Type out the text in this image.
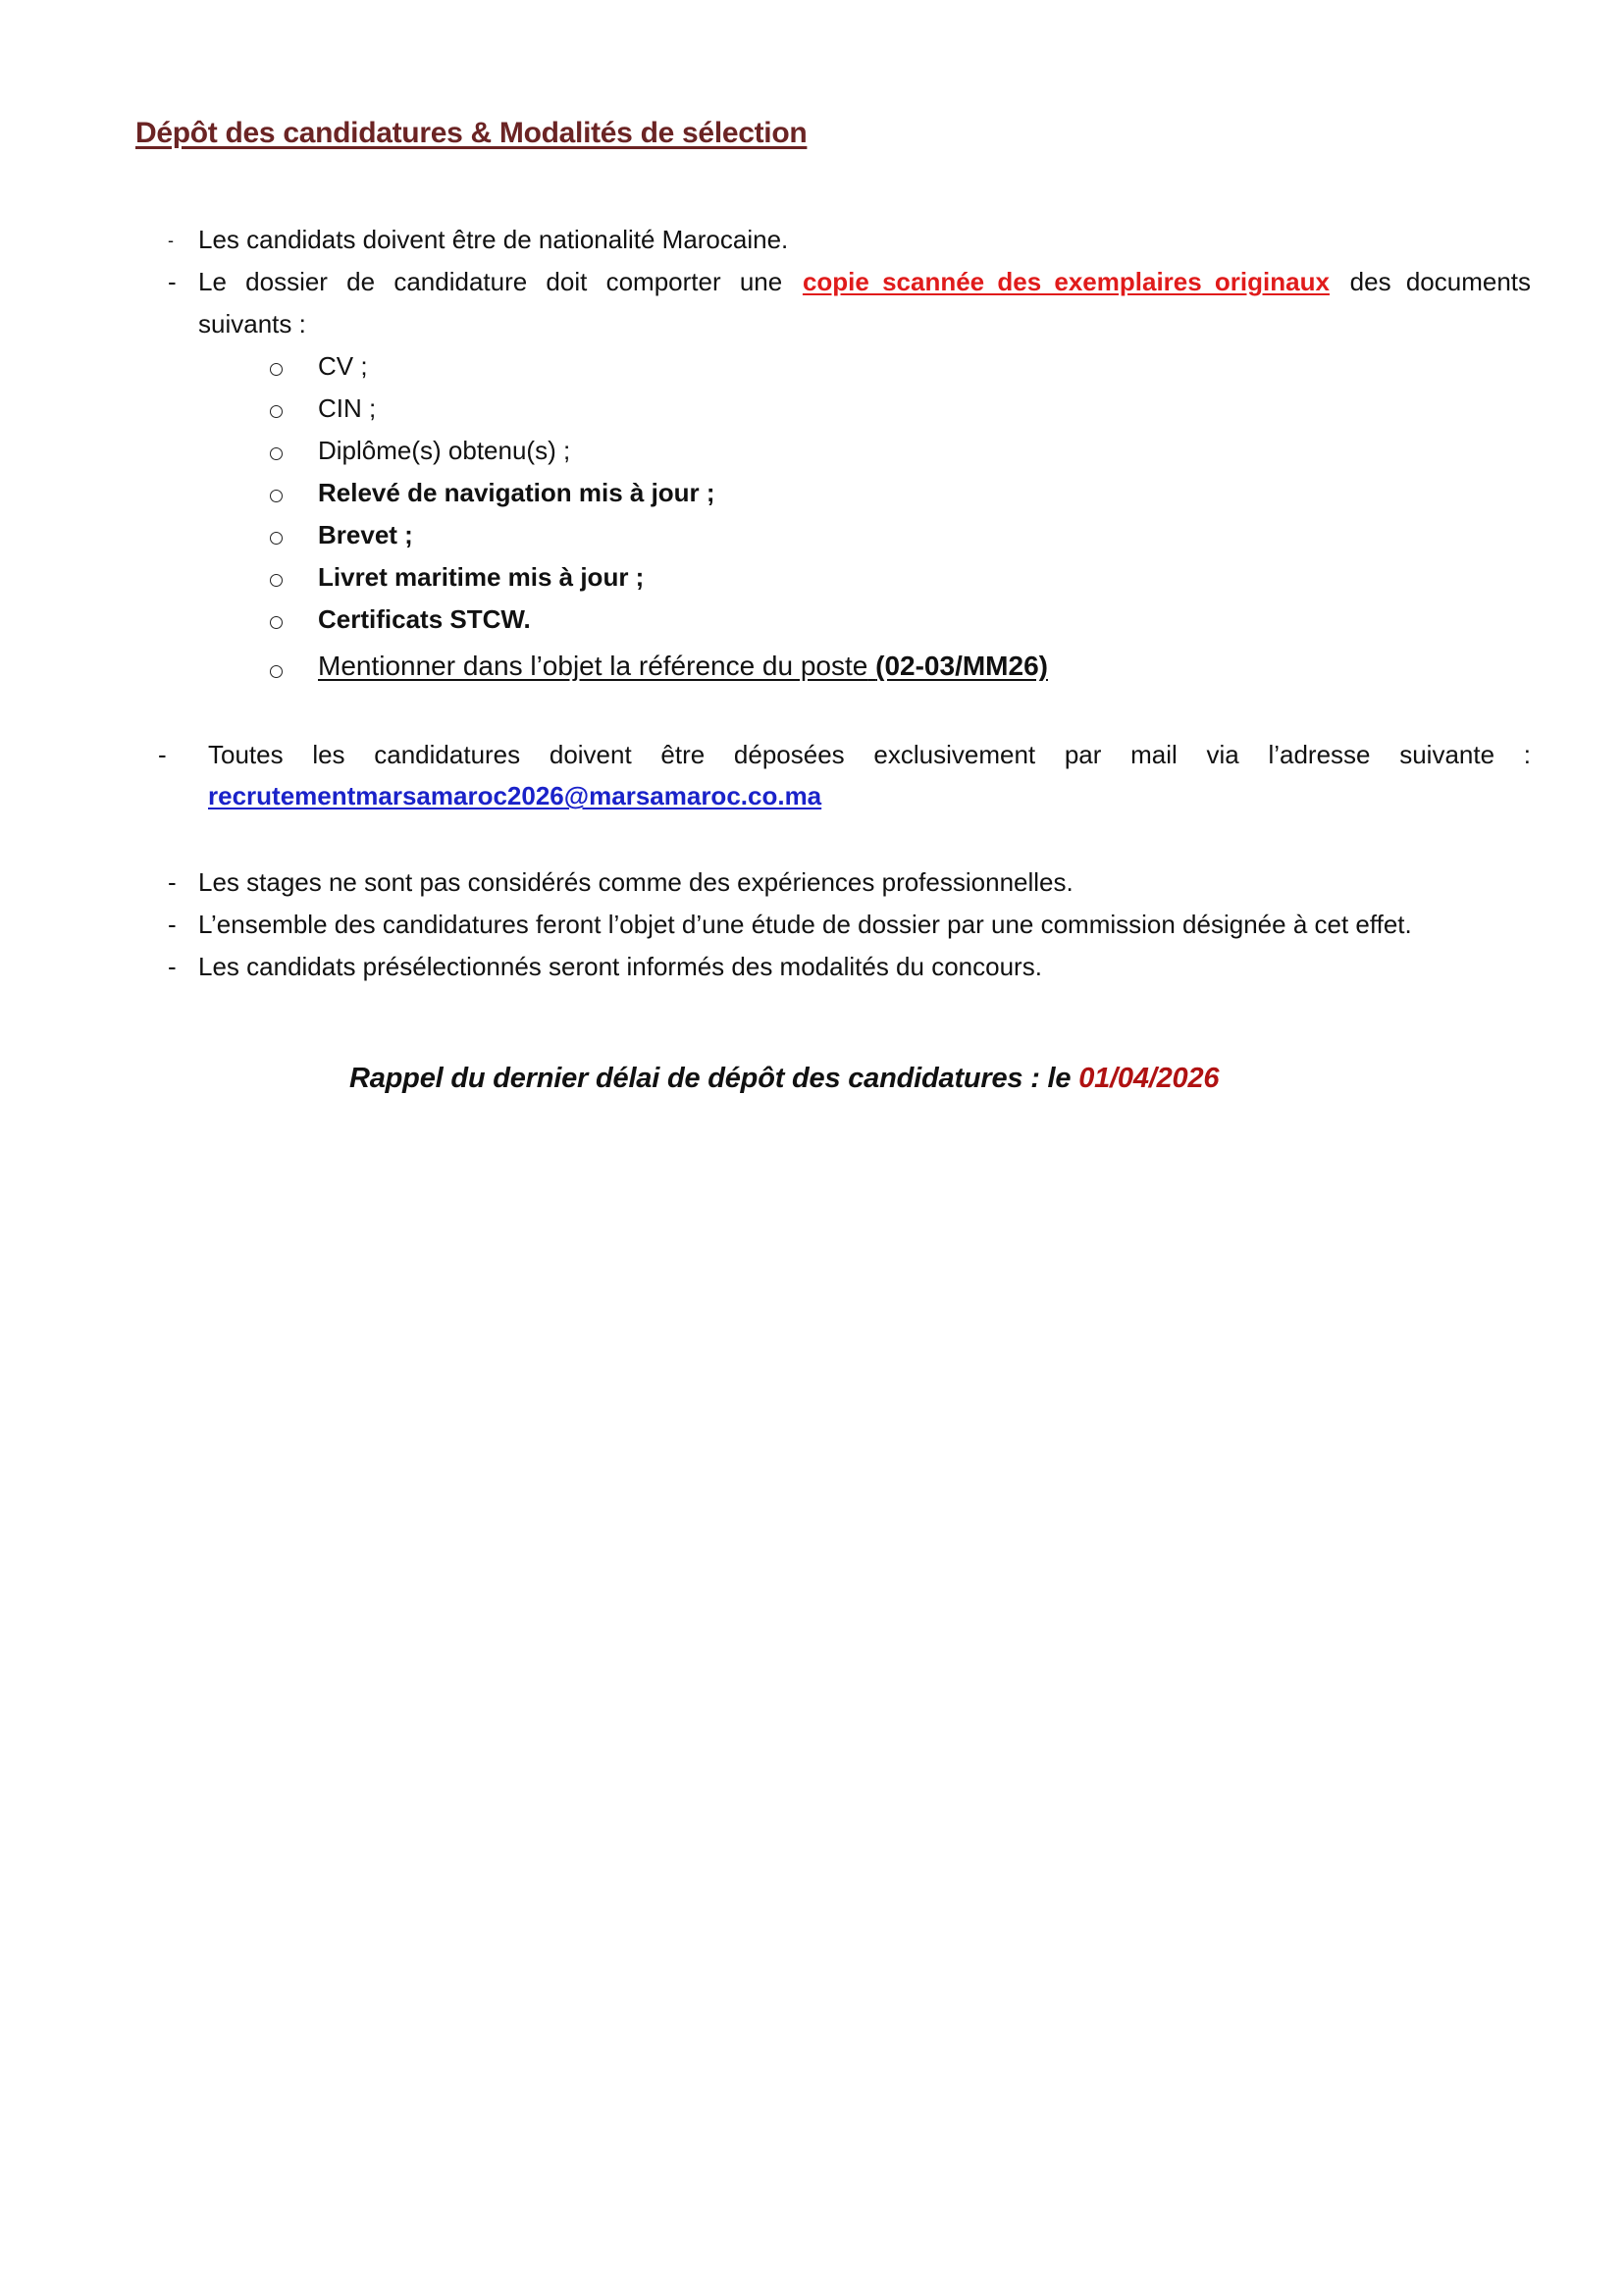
Dépôt des candidatures & Modalités de sélection
- Les candidats doivent être de nationalité Marocaine.
- Le dossier de candidature doit comporter une copie scannée des exemplaires originaux des documents
suivants :
CV ;
CIN ;
Diplôme(s) obtenu(s) ;
Relevé de navigation mis à jour ;
Brevet ;
Livret maritime mis à jour ;
Certificats STCW.
Mentionner dans l’objet la référence du poste (02-03/MM26)
- Toutes les candidatures doivent être déposées exclusivement par mail via l’adresse suivante :
recrutementmarsamaroc2026@marsamaroc.co.ma
- Les stages ne sont pas considérés comme des expériences professionnelles.
- L’ensemble des candidatures feront l’objet d’une étude de dossier par une commission désignée à cet effet.
- Les candidats présélectionnés seront informés des modalités du concours.
Rappel du dernier délai de dépôt des candidatures : le 01/04/2026
